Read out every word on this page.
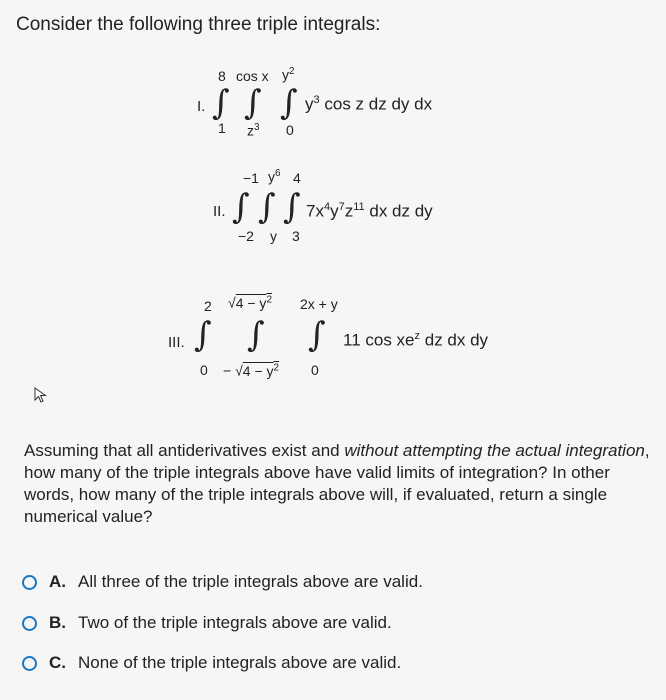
Consider the following three triple integrals:
I. ∫ ∫ ∫
8
1
cos x
$z^3$
$y^2$
0
$y^3$ cos z dz dy dx
II. ∫ ∫ ∫
−1
−2
$y^6$
y
4
3
$7x^4y^7z^{11}$ dx dz dy
III. ∫ ∫ ∫
2
0
$√4 - y^2$
− $√4 - y^2$
2x + y
0
11 $\cos xe^z$ dz dx dy
Assuming that all antiderivatives exist and without attempting the actual integration, how many of the triple integrals above have valid limits of integration? In other words, how many of the triple integrals above will, if evaluated, return a single numerical value?
A. All three of the triple integrals above are valid.
B. Two of the triple integrals above are valid.
C. None of the triple integrals above are valid.
